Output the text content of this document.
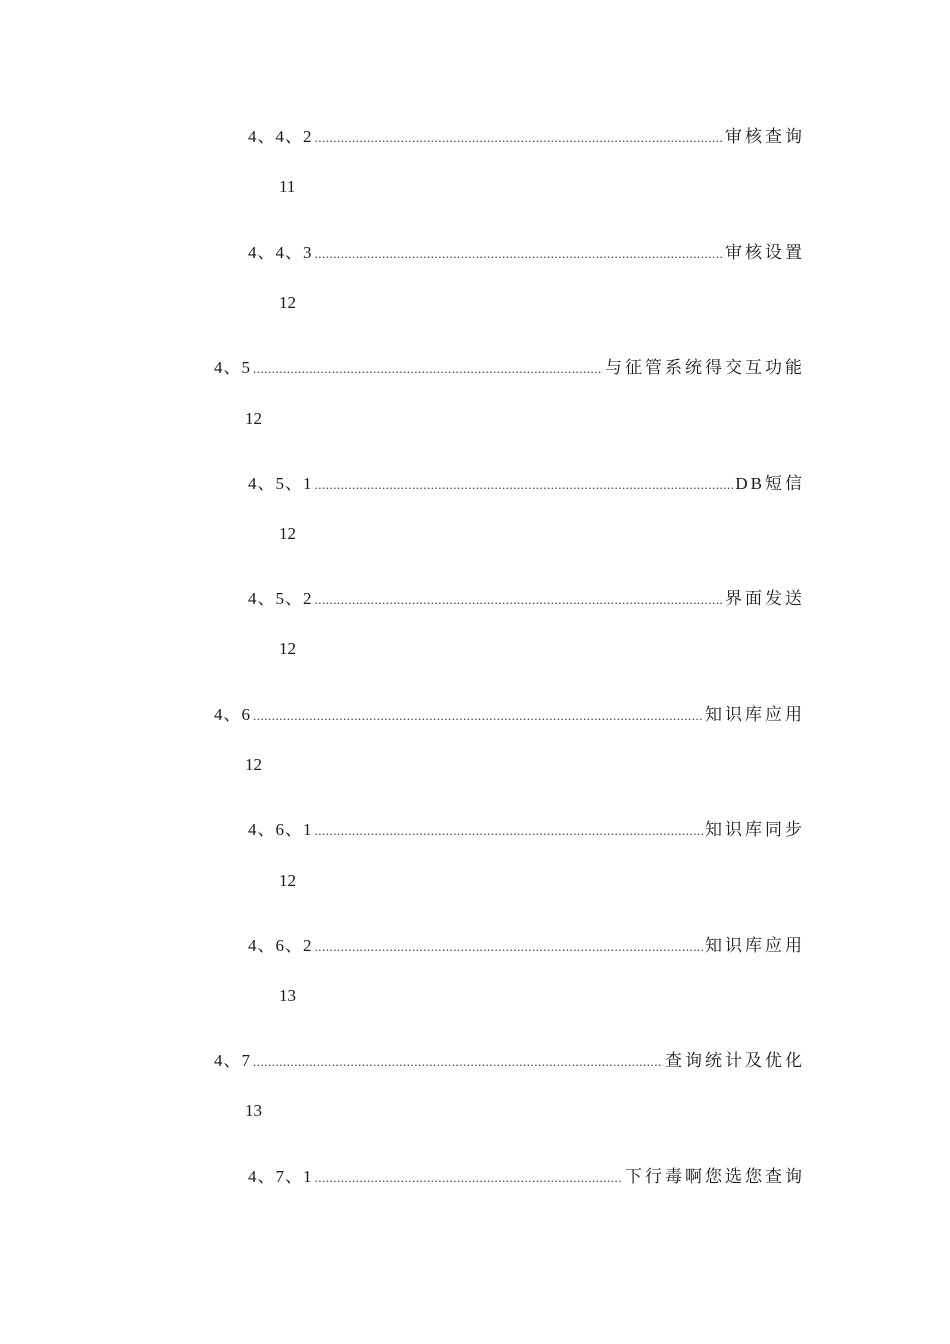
4、4、2 .....	审核查询
11
4、4、3 .....	审核设置
12
4、5 .....	与征管系统得交互功能
12
4、5、1 .....	DB短信
12
4、5、2 .....	界面发送
12
4、6 .....	知识库应用
12
4、6、1 .....	知识库同步
12
4、6、2 .....	知识库应用
13
4、7 .....	查询统计及优化
13
4、7、1 .....	下行毒啊您选您查询
